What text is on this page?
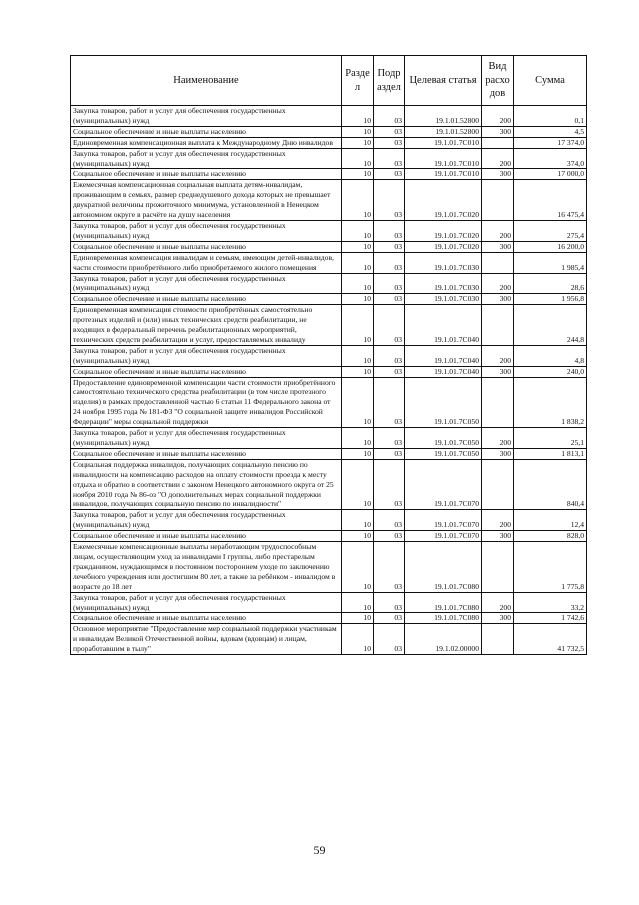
Наименование	Разде л	Подр аздел	Целевая статья	Вид расхо дов	Сумма
Закупка товаров, работ и услуг для обеспечения государственных (муниципальных) нужд	10	03	19.1.01.52800	200	0,1
Социальное обеспечение и иные выплаты населению	10	03	19.1.01.52800	300	4,5
Единовременная компенсационная выплата к Международному Дню инвалидов	10	03	19.1.01.7С010		17 374,0
Закупка товаров, работ и услуг для обеспечения государственных (муниципальных) нужд	10	03	19.1.01.7С010	200	374,0
Социальное обеспечение и иные выплаты населению	10	03	19.1.01.7С010	300	17 000,0
Ежемесячная компенсационная социальная выплата детям-инвалидам, проживающим в семьях, размер среднедушевого дохода которых не превышает двукратной величины прожиточного минимума, установленной в Ненецком автономном округе в расчёте на душу населения	10	03	19.1.01.7С020		16 475,4
Закупка товаров, работ и услуг для обеспечения государственных (муниципальных) нужд	10	03	19.1.01.7С020	200	275,4
Социальное обеспечение и иные выплаты населению	10	03	19.1.01.7С020	300	16 200,0
Единовременная компенсация инвалидам и семьям, имеющим детей-инвалидов, части стоимости приобретённого либо приобретаемого жилого помещения	10	03	19.1.01.7С030		1 985,4
Закупка товаров, работ и услуг для обеспечения государственных (муниципальных) нужд	10	03	19.1.01.7С030	200	28,6
Социальное обеспечение и иные выплаты населению	10	03	19.1.01.7С030	300	1 956,8
Единовременная компенсация стоимости приобретённых самостоятельно протезных изделий и (или) иных технических средств реабилитации, не входящих в федеральный перечень реабилитационных мероприятий, технических средств реабилитации и услуг, предоставляемых инвалиду	10	03	19.1.01.7С040		244,8
Закупка товаров, работ и услуг для обеспечения государственных (муниципальных) нужд	10	03	19.1.01.7С040	200	4,8
Социальное обеспечение и иные выплаты населению	10	03	19.1.01.7С040	300	240,0
Предоставление единовременной компенсации части стоимости приобретённого самостоятельно технического средства реабилитации (в том числе протезного изделия) в рамках предоставленной частью 6 статьи 11 Федерального закона от 24 ноября 1995 года № 181-ФЗ "О социальной защите инвалидов Российской Федерации" меры социальной поддержки	10	03	19.1.01.7С050		1 838,2
Закупка товаров, работ и услуг для обеспечения государственных (муниципальных) нужд	10	03	19.1.01.7С050	200	25,1
Социальное обеспечение и иные выплаты населению	10	03	19.1.01.7С050	300	1 813,1
Социальная поддержка инвалидов, получающих социальную пенсию по инвалидности на компенсацию расходов на оплату стоимости проезда к месту отдыха и обратно в соответствии с законом Ненецкого автономного округа от 25 ноября 2010 года № 86-оз "О дополнительных мерах социальной поддержки инвалидов, получающих социальную пенсию по инвалидности"	10	03	19.1.01.7С070		840,4
Закупка товаров, работ и услуг для обеспечения государственных (муниципальных) нужд	10	03	19.1.01.7С070	200	12,4
Социальное обеспечение и иные выплаты населению	10	03	19.1.01.7С070	300	828,0
Ежемесячные компенсационные выплаты неработающим трудоспособным лицам, осуществляющим уход за инвалидами I группы, либо престарелым гражданином, нуждающимся в постоянном постороннем уходе по заключению лечебного учреждения или достигшим 80 лет, а также за ребёнком - инвалидом в возрасте до 18 лет	10	03	19.1.01.7С080		1 775,8
Закупка товаров, работ и услуг для обеспечения государственных (муниципальных) нужд	10	03	19.1.01.7С080	200	33,2
Социальное обеспечение и иные выплаты населению	10	03	19.1.01.7С080	300	1 742,6
Основное мероприятие "Предоставление мер социальной поддержки участникам и инвалидам Великой Отечественной войны, вдовам (вдовцам) и лицам, проработавшим в тылу"	10	03	19.1.02.00000		41 732,5
59
